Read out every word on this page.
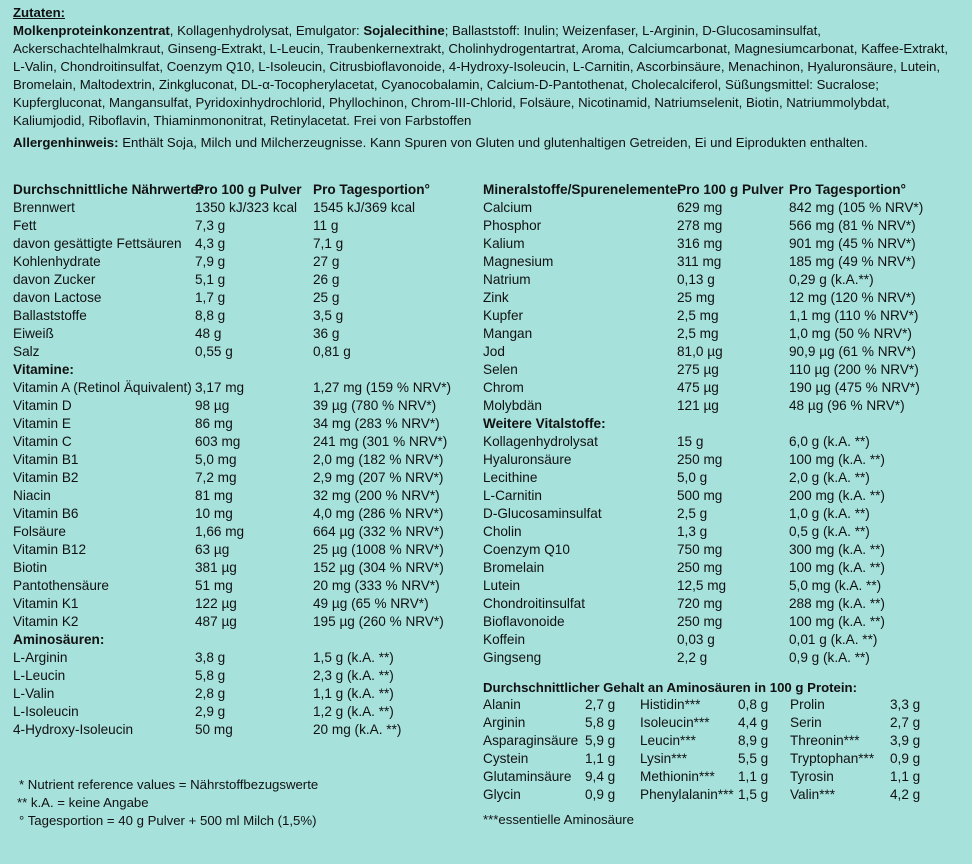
Zutaten:

Molkenproteinkonzentrat, Kollagenhydrolysat, Emulgator: Sojalecithine; Ballaststoff: Inulin; Weizenfaser, L-Arginin, D-Glucosaminsulfat, Ackerschachtelhalmkraut, Ginseng-Extrakt, L-Leucin, Traubenkernextrakt, Cholinhydrogentartrat, Aroma, Calciumcarbonat, Magnesiumcarbonat, Kaffee-Extrakt, L-Valin, Chondroitinsulfat, Coenzym Q10, L-Isoleucin, Citrusbioflavonoide, 4-Hydroxy-Isoleucin, L-Carnitin, Ascorbinsäure, Menachinon, Hyaluronsäure, Lutein, Bromelain, Maltodextrin, Zinkgluconat, DL-α-Tocopherylacetat, Cyanocobalamin, Calcium-D-Pantothenat, Cholecalciferol, Süßungsmittel: Sucralose; Kupfergluconat, Mangansulfat, Pyridoxinhydrochlorid, Phyllochinon, Chrom-III-Chlorid, Folsäure, Nicotinamid, Natriumselenit, Biotin, Natriummolybdat, Kaliumjodid, Riboflavin, Thiaminmononitrat, Retinylacetat. Frei von Farbstoffen

Allergenhinweis: Enthält Soja, Milch und Milcherzeugnisse. Kann Spuren von Gluten und glutenhaltigen Getreiden, Ei und Eiprodukten enthalten.

Durchschnittliche Nährwerte:
Pro 100 g Pulver Pro Tagesportion°
Brennwert	1350 kJ/323 kcal 1545 kJ/369 kcal
Fett	7,3 g	11 g
davon gesättigte Fettsäuren 4,3 g	7,1 g
Kohlenhydrate	7,9 g	27 g
davon Zucker	5,1 g	26 g
davon Lactose	1,7 g	25 g
Ballaststoffe	8,8 g	3,5 g
Eiweiß	48 g	36 g
Salz	0,55 g	0,81 g
Vitamine:
Vitamin A (Retinol Äquivalent) 3,17 mg	1,27 mg (159 % NRV*)
Vitamin D	98 µg	39 µg (780 % NRV*)
Vitamin E	86 mg	34 mg (283 % NRV*)
Vitamin C	603 mg	241 mg (301 % NRV*)
Vitamin B1	5,0 mg	2,0 mg (182 % NRV*)
Vitamin B2	7,2 mg	2,9 mg (207 % NRV*)
Niacin	81 mg	32 mg (200 % NRV*)
Vitamin B6	10 mg	4,0 mg (286 % NRV*)
Folsäure	1,66 mg	664 µg (332 % NRV*)
Vitamin B12	63 µg	25 µg (1008 % NRV*)
Biotin	381 µg	152 µg (304 % NRV*)
Pantothensäure	51 mg	20 mg (333 % NRV*)
Vitamin K1	122 µg	49 µg (65 % NRV*)
Vitamin K2	487 µg	195 µg (260 % NRV*)
Aminosäuren:
L-Arginin	3,8 g	1,5 g (k.A. **)
L-Leucin	5,8 g	2,3 g (k.A. **)
L-Valin	2,8 g	1,1 g (k.A. **)
L-Isoleucin	2,9 g	1,2 g (k.A. **)
4-Hydroxy-Isoleucin	50 mg	20 mg (k.A. **)
Mineralstoffe/Spurenelemente:
Pro 100 g Pulver Pro Tagesportion°
Calcium	629 mg	842 mg (105 % NRV*)
Phosphor	278 mg	566 mg (81 % NRV*)
Kalium	316 mg	901 mg (45 % NRV*)
Magnesium	311 mg	185 mg (49 % NRV*)
Natrium	0,13 g	0,29 g (k.A.**)
Zink	25 mg	12 mg (120 % NRV*)
Kupfer	2,5 mg	1,1 mg (110 % NRV*)
Mangan	2,5 mg	1,0 mg (50 % NRV*)
Jod	81,0 µg	90,9 µg (61 % NRV*)
Selen	275 µg	110 µg (200 % NRV*)
Chrom	475 µg	190 µg (475 % NRV*)
Molybdän	121 µg	48 µg (96 % NRV*)
Weitere Vitalstoffe:
Kollagenhydrolysat	15 g	6,0 g (k.A. **)
Hyaluronsäure	250 mg	100 mg (k.A. **)
Lecithine	5,0 g	2,0 g (k.A. **)
L-Carnitin	500 mg	200 mg (k.A. **)
D-Glucosaminsulfat	2,5 g	1,0 g (k.A. **)
Cholin	1,3 g	0,5 g (k.A. **)
Coenzym Q10	750 mg	300 mg (k.A. **)
Bromelain	250 mg	100 mg (k.A. **)
Lutein	12,5 mg	5,0 mg (k.A. **)
Chondroitinsulfat	720 mg	288 mg (k.A. **)
Bioflavonoide	250 mg	100 mg (k.A. **)
Koffein	0,03 g	0,01 g (k.A. **)
Gingseng	2,2 g	0,9 g (k.A. **)
Durchschnittlicher Gehalt an Aminosäuren in 100 g Protein:
Alanin	2,7 g Histidin***	0,8 g Prolin	3,3 g
Arginin	5,8 g Isoleucin*** 4,4 g Serin	2,7 g
Asparaginsäure 5,9 g Leucin***	8,9 g Threonin*** 3,9 g
Cystein	1,1 g Lysin***	5,5 g Tryptophan*** 0,9 g
Glutaminsäure 9,4 g Methionin*** 1,1 g Tyrosin	1,1 g
Glycin	0,9 g Phenylalanin*** 1,5 g Valin***	4,2 g
***essentielle Aminosäure
* Nutrient reference values = Nährstoffbezugswerte
** k.A. = keine Angabe
° Tagesportion = 40 g Pulver + 500 ml Milch (1,5%)
